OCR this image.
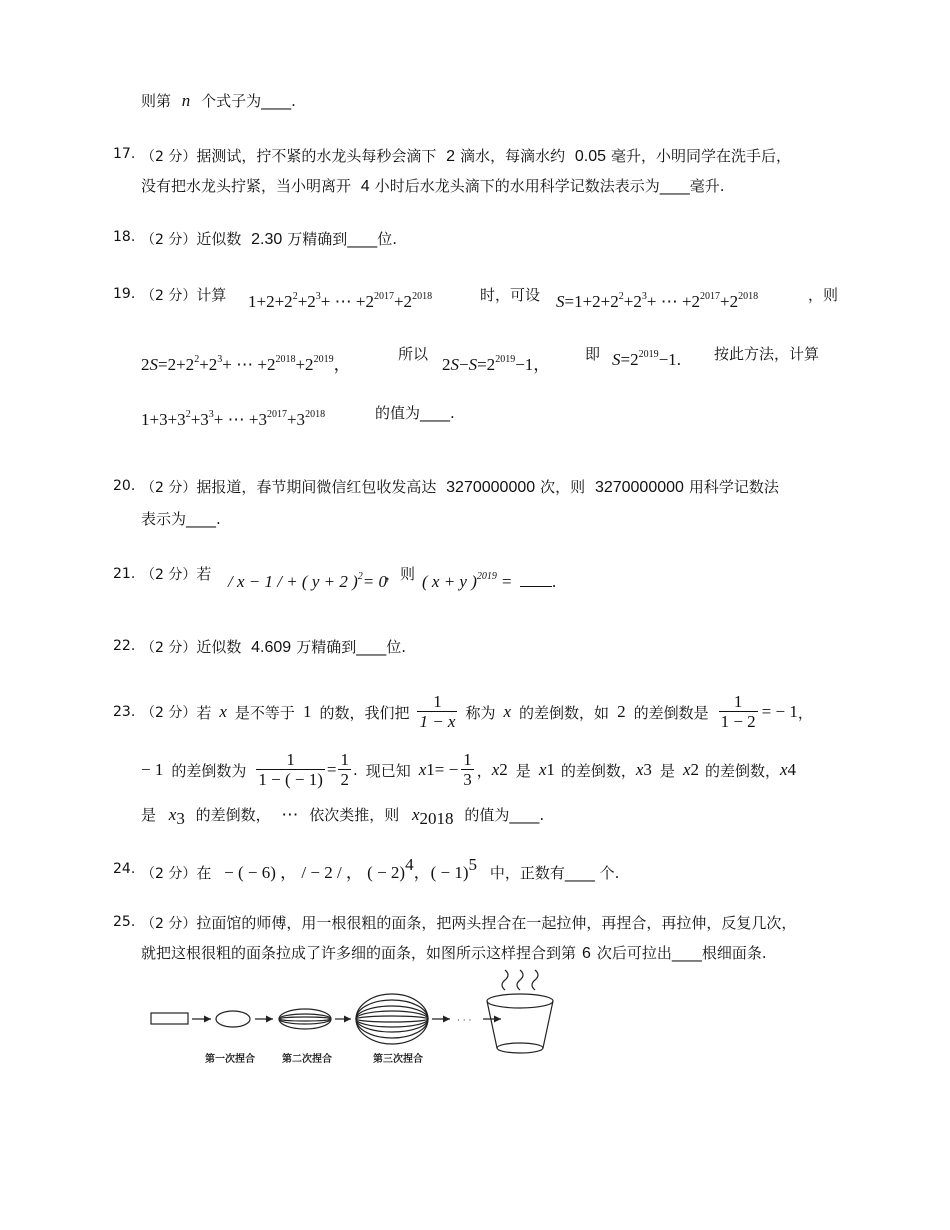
则第 n 个式子为____.
17. （2 分）据测试，拧不紧的水龙头每秒会滴下 2 滴水，每滴水约 0.05 毫升，小明同学在洗手后，
没有把水龙头拧紧，当小明离开 4 小时后水龙头滴下的水用科学记数法表示为____毫升.
18. （2 分）近似数 2.30 万精确到____位.
19. （2 分）计算 $1+2+2^2+2^3+$ ⋯ $+2^{2017}+2^{2018}$	时，可设 $S=1+2+2^2+2^3+$ ⋯ $+2^{2017}+2^{2018}$	，则
$2S=2+2^2+2^3+$ ⋯ $+2^{2018}+2^{2019}$，
所以
$2S-S=2^{2019}-1$，
即 $S=2^{2019}-1$. 按此方法，计算
$1+3+3^2+3^3+$ ⋯ $+3^{2017}+3^{2018}$	的值为____.
20. （2 分）据报道，春节期间微信红包收发高达 3270000000 次，则 3270000000 用科学记数法
表示为____.
21. （2 分）若 / x − 1 / + ( y + 2 )$^2$= 0
，则 ( x + y )$^{2019}$ = .
22. （2 分）近似数 4.609 万精确到____位.
23. （2 分） 若 x 是不等于 1 的数，我们把 $\frac{1}{1 - x}$ 称为 x 的差倒数，如 2 的差倒数是 $\frac{1}{1 - 2}$ = − 1 ，
− 1 的差倒数为 $\frac{1}{1 - ( - 1)} = \frac{1}{2}$ . 现已知 x 1 = − $\frac{1}{3}$ ， x 2 是 x 1 的差倒数， x 3 是 x 2 的差倒数， x 4
是 $x_3$ 的差倒数， ⋯ 依次类推，则 $x_{2018}$ 的值为____.
24. （2 分）在 − ( − 6) ， / − 2 / ， ( − 2)$^4$，( − 1)$^5$ 中，正数有____ 个.
25. （2 分）拉面馆的师傅，用一根很粗的面条，把两头捏合在一起拉伸，再捏合，再拉伸，反复几次，
就把这根很粗的面条拉成了许多细的面条，如图所示这样捏合到第 6 次后可拉出____根细面条.
· · ·
第一次捏合	第二次捏合	第三次捏合
